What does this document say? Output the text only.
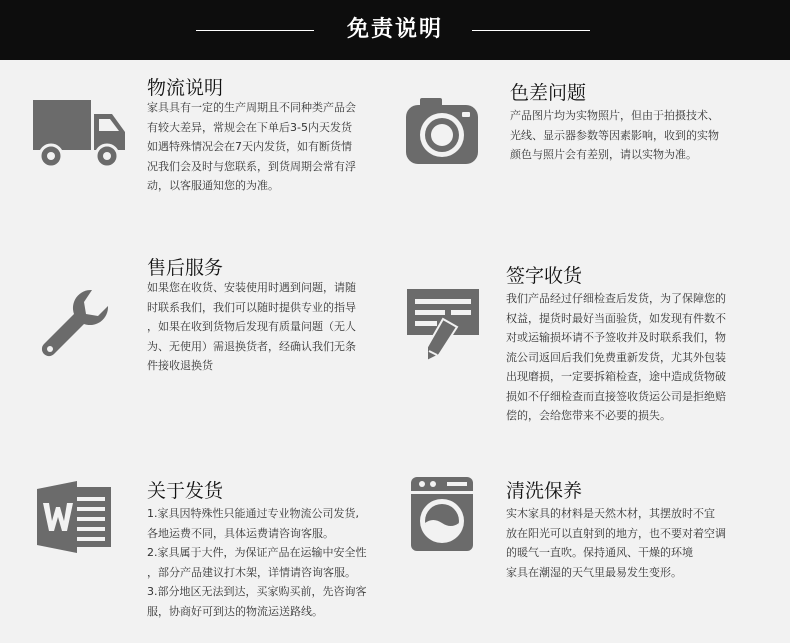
免责说明
物流说明
家具具有一定的生产周期且不同种类产品会
有较大差异，常规会在下单后3-5内天发货
如遇特殊情况会在7天内发货，如有断货情
况我们会及时与您联系，到货周期会常有浮
动，以客服通知您的为准。
色差问题
产品图片均为实物照片，但由于拍摄技术、
光线、显示器参数等因素影响，收到的实物
颜色与照片会有差别，请以实物为准。
售后服务
如果您在收货、安装使用时遇到问题，请随
时联系我们，我们可以随时提供专业的指导
，如果在收到货物后发现有质量问题（无人
为、无使用）需退换货者，经确认我们无条
件接收退换货
签字收货
我们产品经过仔细检查后发货，为了保障您的
权益，提货时最好当面验货，如发现有件数不
对或运输损坏请不予签收并及时联系我们，物
流公司返回后我们免费重新发货，尤其外包装
出现磨损，一定要拆箱检查，途中造成货物破
损如不仔细检查而直接签收货运公司是拒绝赔
偿的，会给您带来不必要的损失。
关于发货
1.家具因特殊性只能通过专业物流公司发货,
各地运费不同，具体运费请咨询客服。
2.家具属于大件，为保证产品在运输中安全性
，部分产品建议打木架，详情请咨询客服。
3.部分地区无法到达，买家购买前，先咨询客
服，协商好可到达的物流运送路线。
清洗保养
实木家具的材料是天然木材，其摆放时不宜
放在阳光可以直射到的地方，也不要对着空调
的暖气一直吹。保持通风、干燥的环境
家具在潮湿的天气里最易发生变形。
